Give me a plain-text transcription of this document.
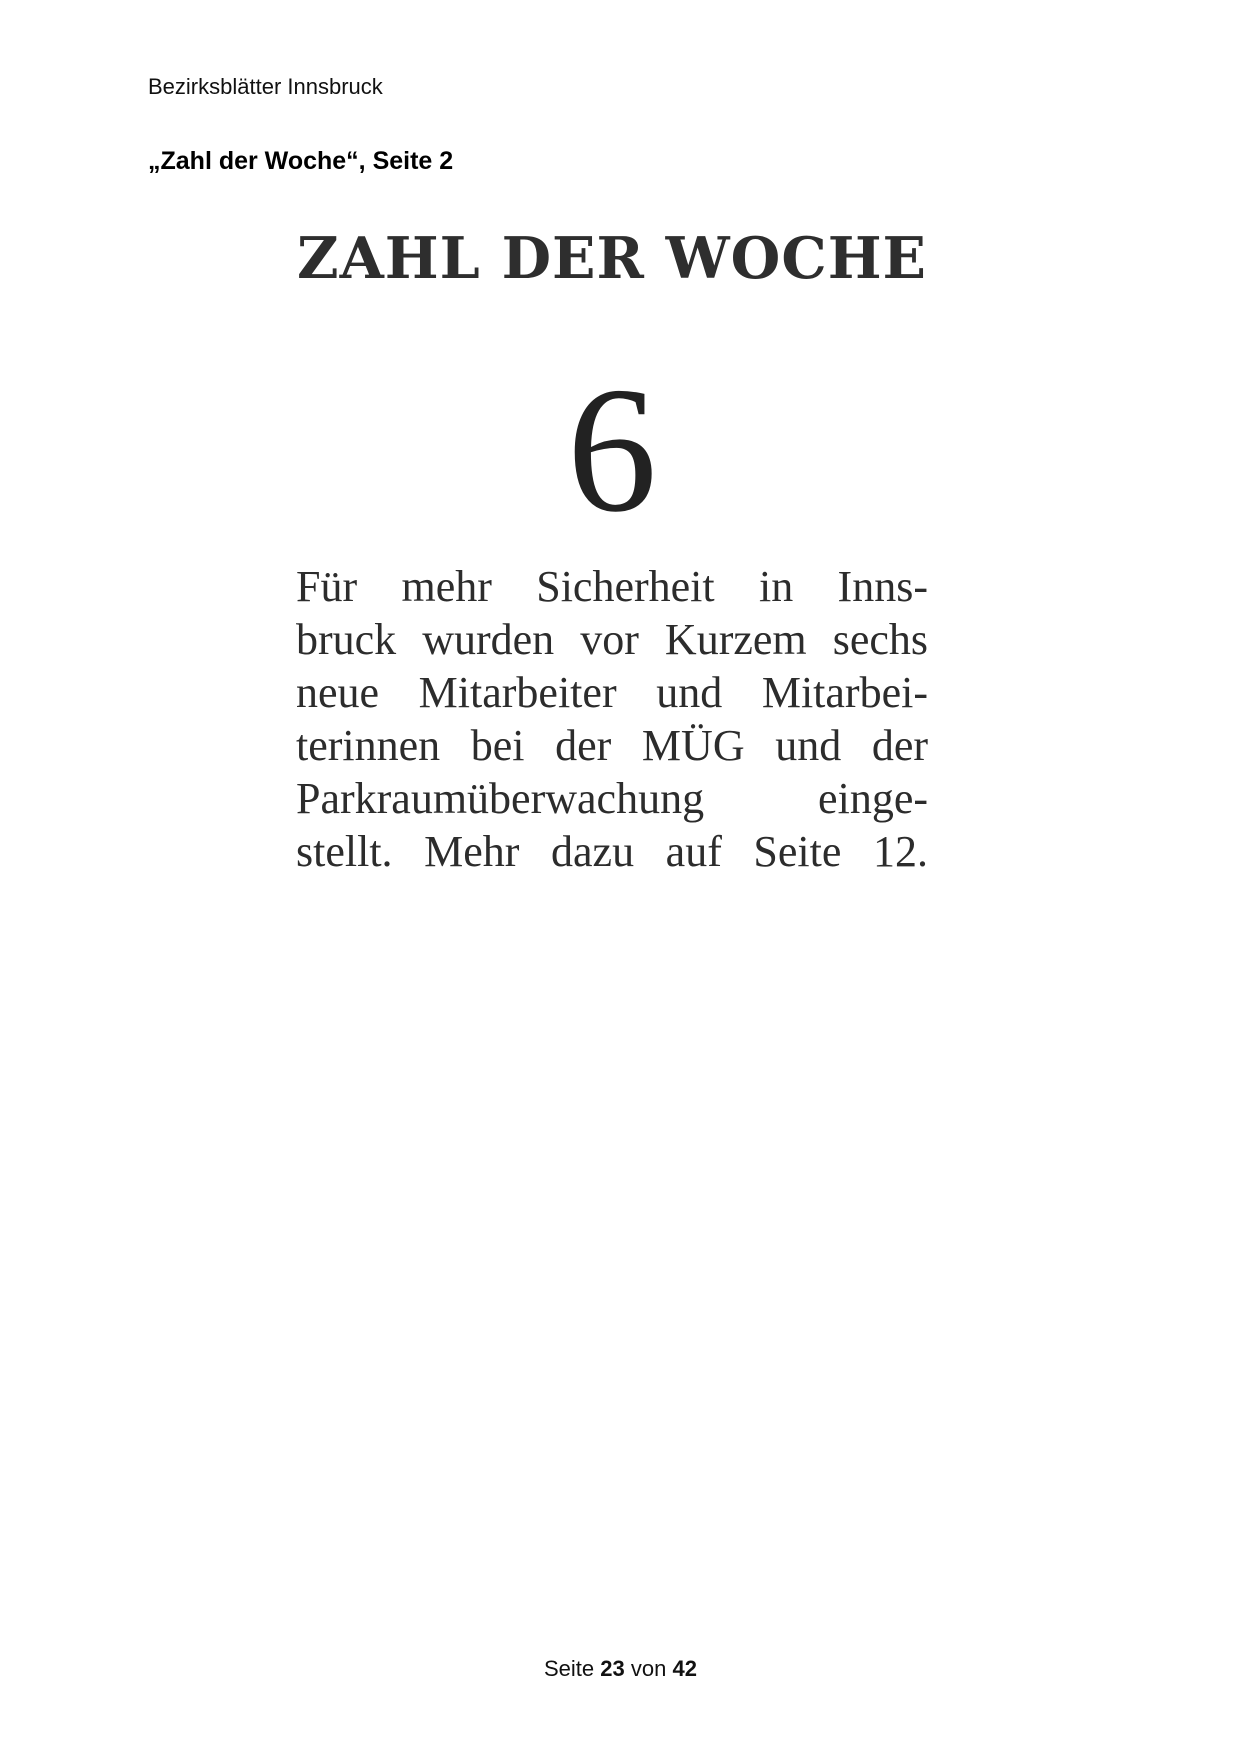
Bezirksblätter Innsbruck
„Zahl der Woche“, Seite 2
ZAHL DER WOCHE
6
Für mehr Sicherheit in Inns-
bruck wurden vor Kurzem sechs
neue Mitarbeiter und Mitarbei-
terinnen bei der MÜG und der
Parkraumüberwachung einge-
stellt. Mehr dazu auf Seite 12.
Seite 23 von 42
